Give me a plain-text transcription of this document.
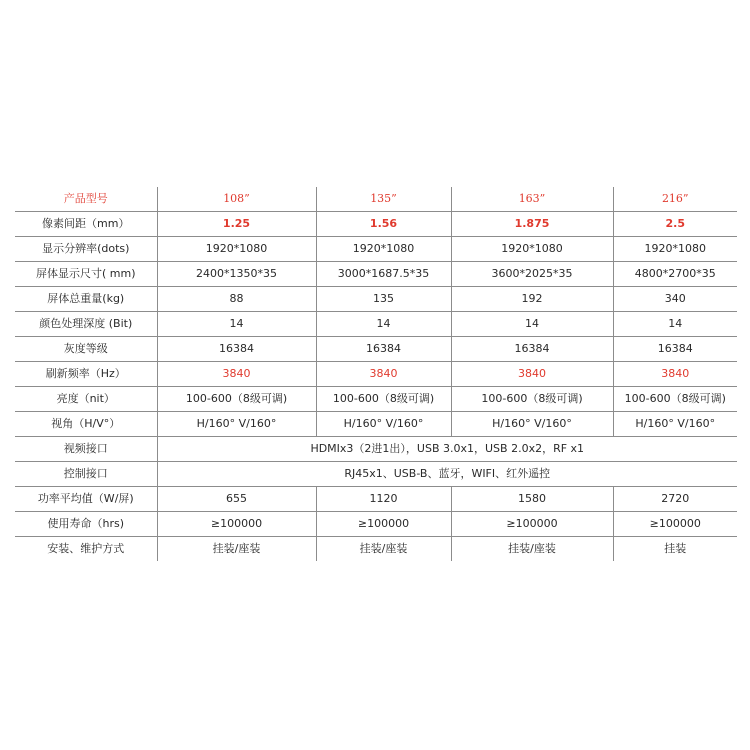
产品型号	108”	135”	163”	216”
像素间距（mm）	1.25	1.56	1.875	2.5
显示分辨率(dots)	1920*1080	1920*1080	1920*1080	1920*1080
屏体显示尺寸( mm)	2400*1350*35	3000*1687.5*35	3600*2025*35	4800*2700*35
屏体总重量(kg)	88	135	192	340
颜色处理深度 (Bit)	14	14	14	14
灰度等级	16384	16384	16384	16384
刷新频率（Hz）	3840	3840	3840	3840
亮度（nit）	100-600（8级可调)	100-600（8级可调)	100-600（8级可调)	100-600（8级可调)
视角（H/V°）	H/160° V/160°	H/160° V/160°	H/160° V/160°	H/160° V/160°
视频接口	HDMIx3（2进1出），USB 3.0x1，USB 2.0x2，RF x1			
控制接口	RJ45x1、USB-B、蓝牙，WIFI、红外遥控			
功率平均值（W/屏)	655	1120	1580	2720
使用寿命（hrs)	≥100000	≥100000	≥100000	≥100000
安装、维护方式	挂装/座装	挂装/座装	挂装/座装	挂装
